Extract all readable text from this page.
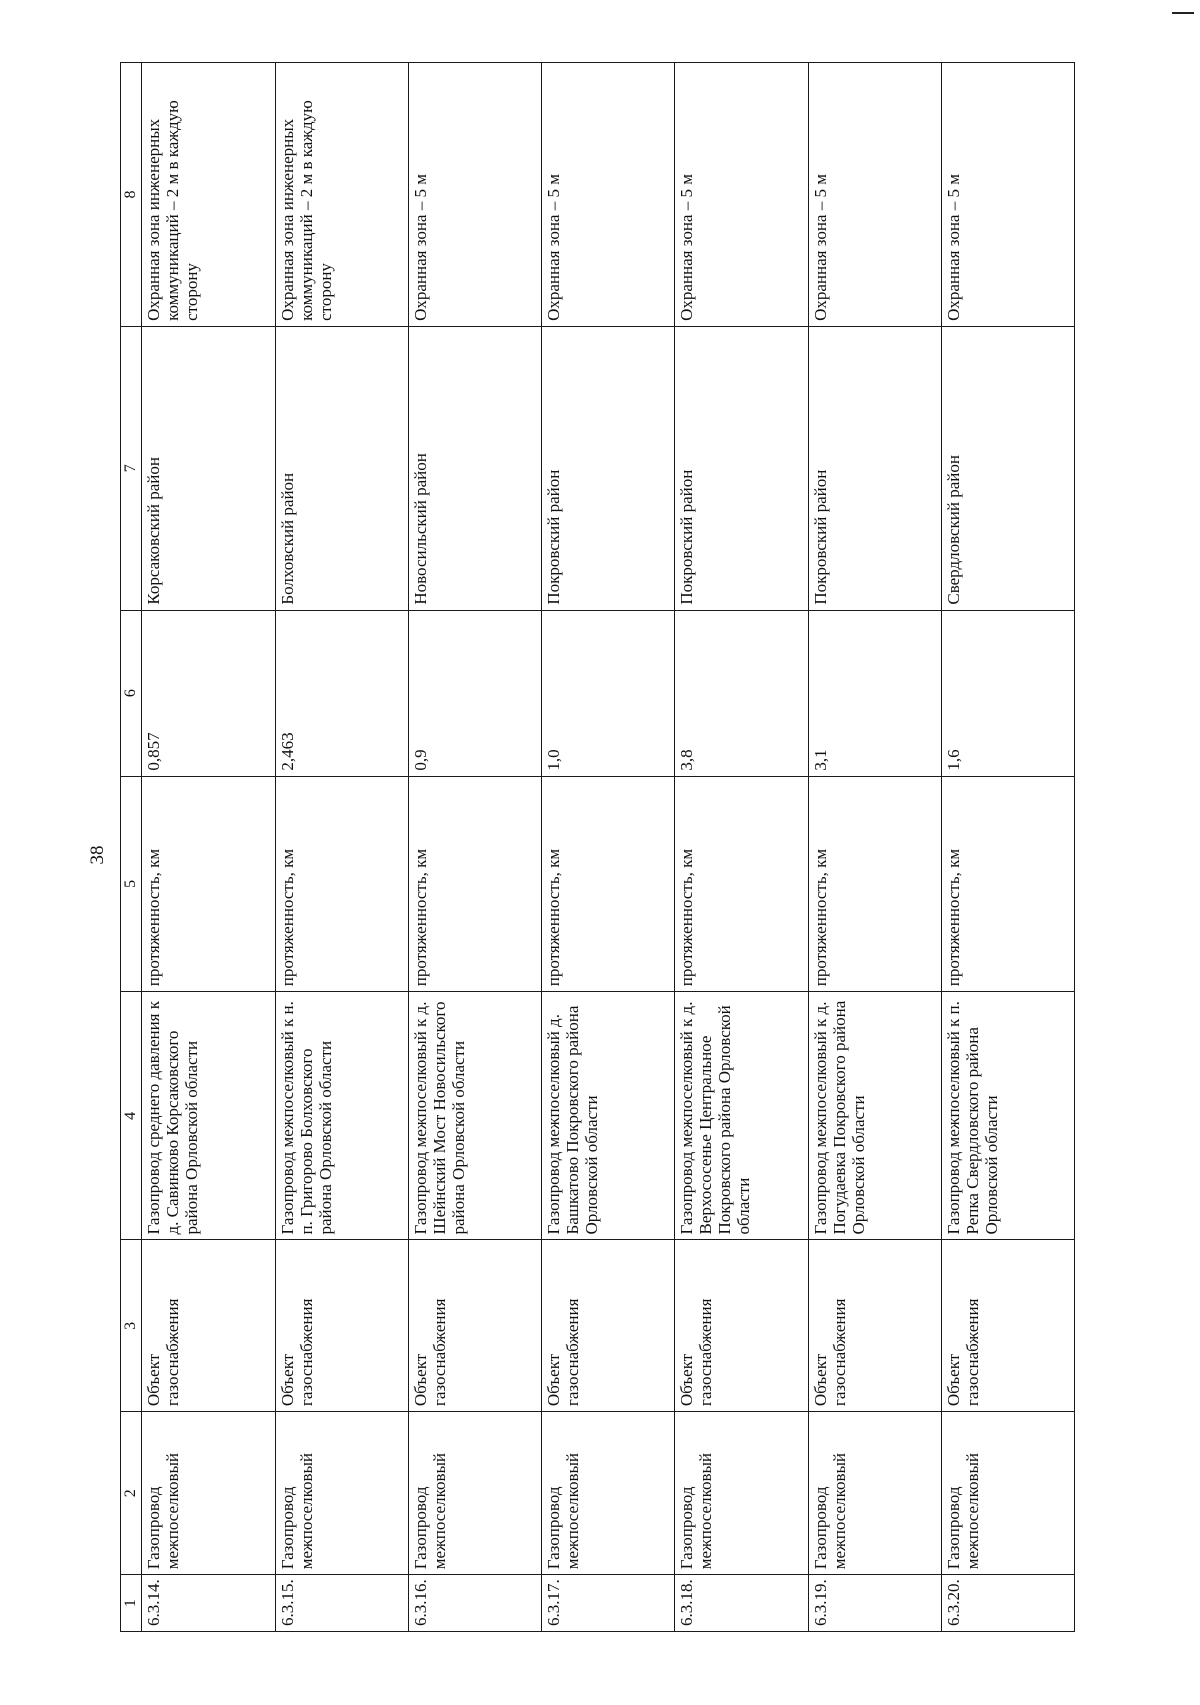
38
1	2	3	4	5	6	7	8
6.3.14.	Газопровод межпоселковый	Объект газоснабжения	Газопровод среднего давления к д. Савинково Корсаковского района Орловской области	протяженность, км	0,857	Корсаковский район	Охранная зона инженерных коммуникаций – 2 м в каждую сторону
6.3.15.	Газопровод межпоселковый	Объект газоснабжения	Газопровод межпоселковый к н. п. Григорово Болховского района Орловской области	протяженность, км	2,463	Болховский район	Охранная зона инженерных коммуникаций – 2 м в каждую сторону
6.3.16.	Газопровод межпоселковый	Объект газоснабжения	Газопровод межпоселковый к д. Шейнский Мост Новосильского района Орловской области	протяженность, км	0,9	Новосильский район	Охранная зона – 5 м
6.3.17.	Газопровод межпоселковый	Объект газоснабжения	Газопровод межпоселковый д. Башкатово Покровского района Орловской области	протяженность, км	1,0	Покровский район	Охранная зона – 5 м
6.3.18.	Газопровод межпоселковый	Объект газоснабжения	Газопровод межпоселковый к д. Верхососенье Центральное Покровского района Орловской области	протяженность, км	3,8	Покровский район	Охранная зона – 5 м
6.3.19.	Газопровод межпоселковый	Объект газоснабжения	Газопровод межпоселковый к д. Погудаевка Покровского района Орловской области	протяженность, км	3,1	Покровский район	Охранная зона – 5 м
6.3.20.	Газопровод межпоселковый	Объект газоснабжения	Газопровод межпоселковый к п. Репка Свердловского района Орловской области	протяженность, км	1,6	Свердловский район	Охранная зона – 5 м
